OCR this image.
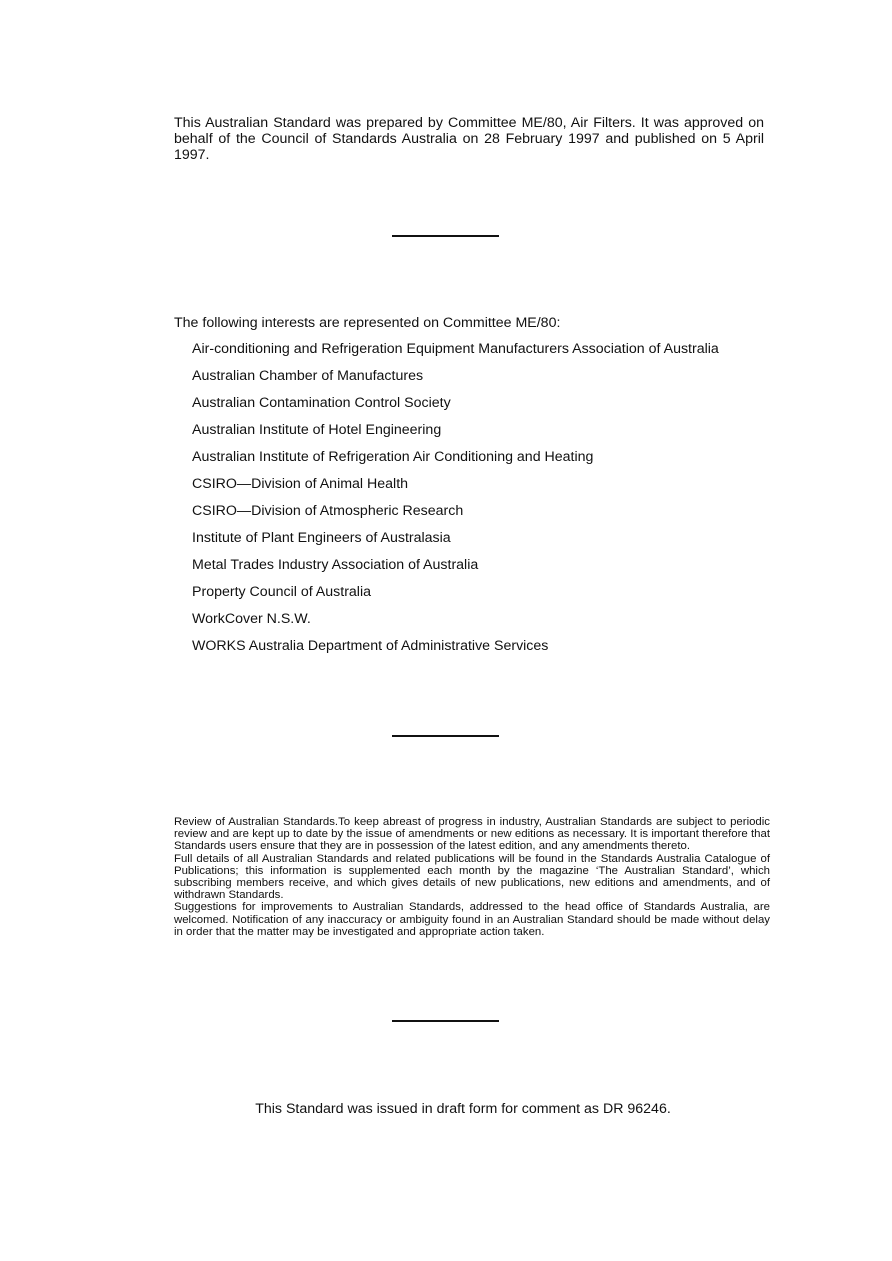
This Australian Standard was prepared by Committee ME/80, Air Filters. It was approved on behalf of the Council of Standards Australia on 28 February 1997 and published on 5 April 1997.

The following interests are represented on Committee ME/80:

Air-conditioning and Refrigeration Equipment Manufacturers Association of Australia
Australian Chamber of Manufactures
Australian Contamination Control Society
Australian Institute of Hotel Engineering
Australian Institute of Refrigeration Air Conditioning and Heating
CSIRO—Division of Animal Health
CSIRO—Division of Atmospheric Research
Institute of Plant Engineers of Australasia
Metal Trades Industry Association of Australia
Property Council of Australia
WorkCover N.S.W.
WORKS Australia Department of Administrative Services

Review of Australian Standards.To keep abreast of progress in industry, Australian Standards are subject to periodic review and are kept up to date by the issue of amendments or new editions as necessary. It is important therefore that Standards users ensure that they are in possession of the latest edition, and any amendments thereto.

Full details of all Australian Standards and related publications will be found in the Standards Australia Catalogue of Publications; this information is supplemented each month by the magazine ‘The Australian Standard’, which subscribing members receive, and which gives details of new publications, new editions and amendments, and of withdrawn Standards.

Suggestions for improvements to Australian Standards, addressed to the head office of Standards Australia, are welcomed. Notification of any inaccuracy or ambiguity found in an Australian Standard should be made without delay in order that the matter may be investigated and appropriate action taken.

This Standard was issued in draft form for comment as DR 96246.
